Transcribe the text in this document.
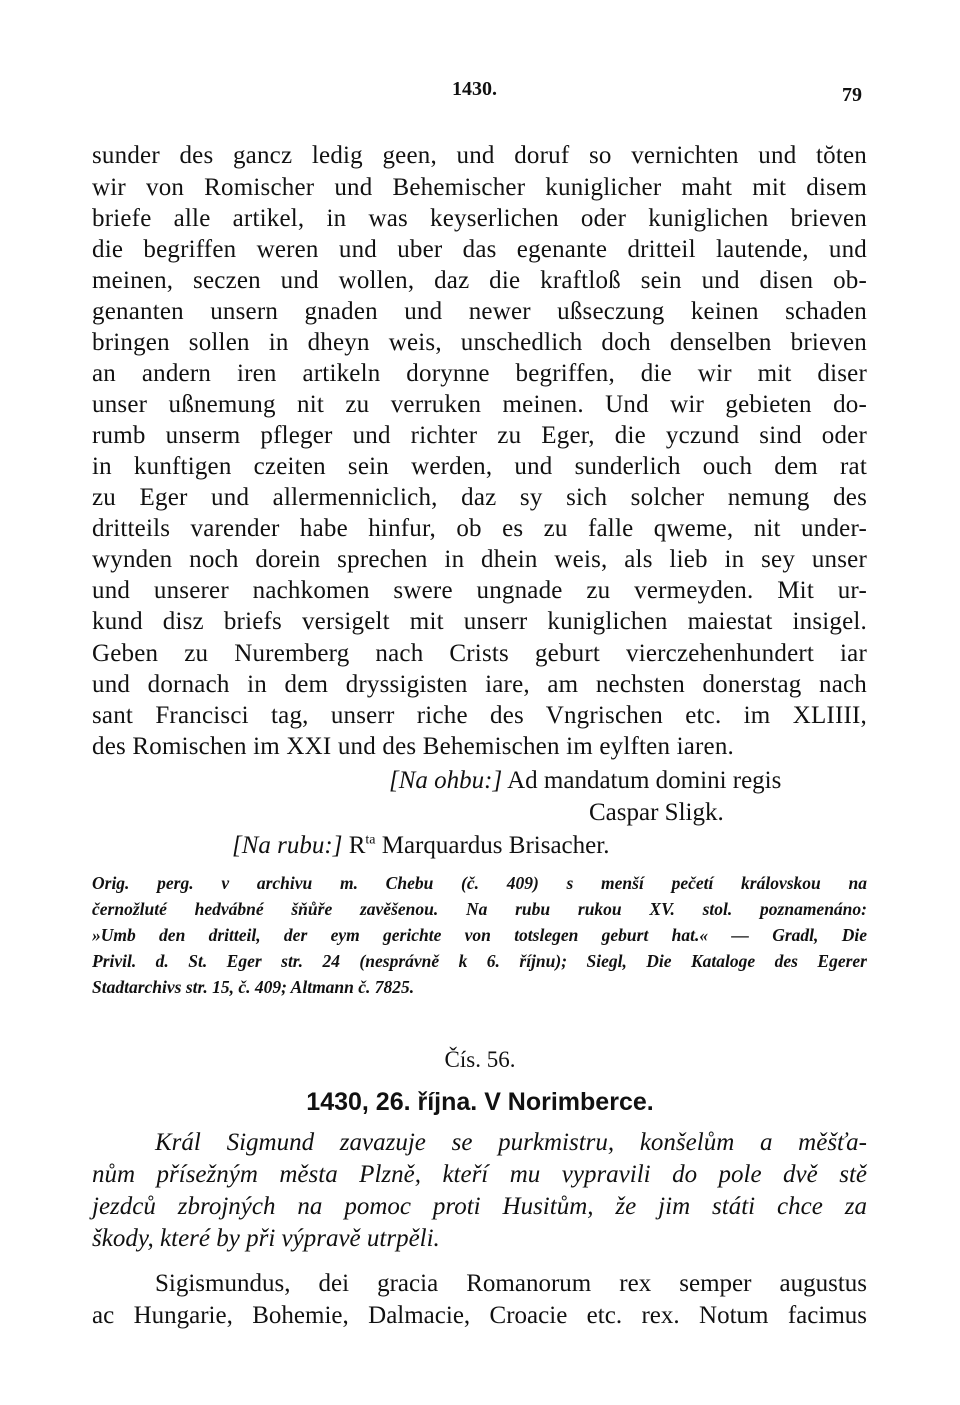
1430.	79
sunder des gancz ledig geen, und doruf so vernichten und tŏten
wir von Romischer und Behemischer kuniglicher maht mit disem
briefe alle artikel, in was keyserlichen oder kuniglichen brieven
die begriffen weren und uber das egenante dritteil lautende, und
meinen, seczen und wollen, daz die kraftloß sein und disen ob-
genanten unsern gnaden und newer ußseczung keinen schaden
bringen sollen in dheyn weis, unschedlich doch denselben brieven
an andern iren artikeln dorynne begriffen, die wir mit diser
unser ußnemung nit zu verruken meinen. Und wir gebieten do-
rumb unserm pfleger und richter zu Eger, die yczund sind oder
in kunftigen czeiten sein werden, und sunderlich ouch dem rat
zu Eger und allermenniclich, daz sy sich solcher nemung des
dritteils varender habe hinfur, ob es zu falle qweme, nit under-
wynden noch dorein sprechen in dhein weis, als lieb in sey unser
und unserer nachkomen swere ungnade zu vermeyden. Mit ur-
kund disz briefs versigelt mit unserr kuniglichen maiestat insigel.
Geben zu Nuremberg nach Crists geburt vierczehenhundert iar
und dornach in dem dryssigisten iare, am nechsten donerstag nach
sant Francisci tag, unserr riche des Vngrischen etc. im XLIIII,
des Romischen im XXI und des Behemischen im eylften iaren.
[Na ohbu:] Ad mandatum domini regis
Caspar Sligk.
[Na rubu:] $R^{ta}$ Marquardus Brisacher.
Orig. perg. v archivu m. Chebu (č. 409) s menší pečetí královskou na
černožluté hedvábné šňůře zavěšenou. Na rubu rukou XV. stol. poznamenáno:
»Umb den dritteil, der eym gerichte von totslegen geburt hat.« — Gradl, Die
Privil. d. St. Eger str. 24 (nesprávně k 6. říjnu); Siegl, Die Kataloge des Egerer
Stadtarchivs str. 15, č. 409; Altmann č. 7825.
Čís. 56.
1430, 26. října. V Norimberce.
Král Sigmund zavazuje se purkmistru, konšelům a měšťa-
nům přísežným města Plzně, kteří mu vypravili do pole dvě stě
jezdců zbrojných na pomoc proti Husitům, že jim státi chce za
škody, které by při výpravě utrpěli.
Sigismundus, dei gracia Romanorum rex semper augustus
ac Hungarie, Bohemie, Dalmacie, Croacie etc. rex. Notum facimus
